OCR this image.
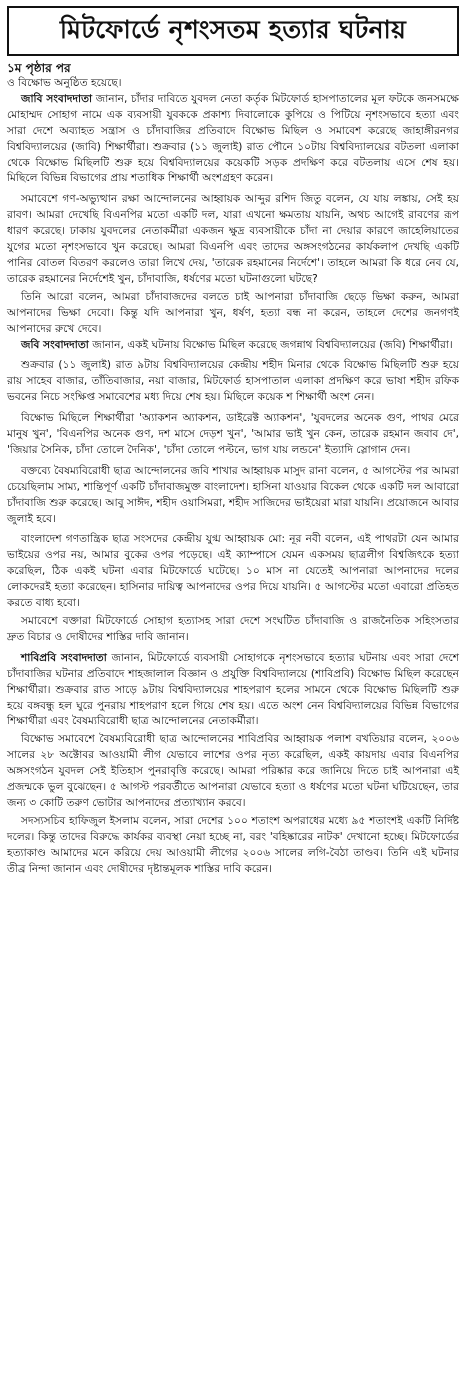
মিটফোর্ডে নৃশংসতম হত্যার ঘটনায়
১ম পৃষ্ঠার পর

ও বিক্ষোভ অনুষ্ঠিত হয়েছে।

জাবি সংবাদদাতা জানান, চাঁদার দাবিতে যুবদল নেতা কর্তৃক মিটফোর্ড হাসপাতালের মূল ফটকে জনসমক্ষে মোহাম্মদ সোহাগ নামে এক ব্যবসায়ী যুবককে প্রকাশ্য দিবালোকে কুপিয়ে ও পিটিয়ে নৃশংসভাবে হত্যা এবং সারা দেশে অব্যাহত সন্ত্রাস ও চাঁদাবাজির প্রতিবাদে বিক্ষোভ মিছিল ও সমাবেশ করেছে জাহাঙ্গীরনগর বিশ্ববিদ্যালয়ের (জাবি) শিক্ষার্থীরা। শুক্রবার (১১ জুলাই) রাত পৌনে ১০টায় বিশ্ববিদ্যালয়ের বটতলা এলাকা থেকে বিক্ষোভ মিছিলটি শুরু হয়ে বিশ্ববিদ্যালয়ের কয়েকটি সড়ক প্রদক্ষিণ করে বটতলায় এসে শেষ হয়। মিছিলে বিভিন্ন বিভাগের প্রায় শতাধিক শিক্ষার্থী অংশগ্রহণ করেন।

সমাবেশে গণ-অভ্যুত্থান রক্ষা আন্দোলনের আহ্বায়ক আব্দুর রশিদ জিতু বলেন, যে যায় লঙ্কায়, সেই হয় রাবণ। আমরা দেখেছি বিএনপির মতো একটি দল, যারা এখনো ক্ষমতায় যায়নি, অথচ আগেই রাবণের রূপ ধারণ করেছে। ঢাকায় যুবদলের নেতাকর্মীরা একজন ক্ষুদ্র ব্যবসায়ীকে চাঁদা না দেয়ার কারণে জাহেলিয়াতের যুগের মতো নৃশংসভাবে খুন করেছে। আমরা বিএনপি এবং তাদের অঙ্গসংগঠনের কার্যকলাপ দেখছি একটি পানির বোতল বিতরণ করলেও তারা লিখে দেয়, 'তারেক রহমানের নির্দেশে'। তাহলে আমরা কি ধরে নেব যে, তারেক রহমানের নির্দেশেই খুন, চাঁদাবাজি, ধর্ষণের মতো ঘটনাগুলো ঘটছে?

তিনি আরো বলেন, আমরা চাঁদাবাজদের বলতে চাই আপনারা চাঁদাবাজি ছেড়ে ভিক্ষা করুন, আমরা আপনাদের ভিক্ষা দেবো। কিন্তু যদি আপনারা খুন, ধর্ষণ, হত্যা বন্ধ না করেন, তাহলে দেশের জনগণই আপনাদের রুখে দেবে।

জবি সংবাদদাতা জানান, একই ঘটনায় বিক্ষোভ মিছিল করেছে জগন্নাথ বিশ্ববিদ্যালয়ের (জবি) শিক্ষার্থীরা।

শুক্রবার (১১ জুলাই) রাত ৯টায় বিশ্ববিদ্যালয়ের কেন্দ্রীয় শহীদ মিনার থেকে বিক্ষোভ মিছিলটি শুরু হয়ে রায় সাহেব বাজার, তাঁতিবাজার, নয়া বাজার, মিটফোর্ড হাসপাতাল এলাকা প্রদক্ষিণ করে ভাষা শহীদ রফিক ভবনের নিচে সংক্ষিপ্ত সমাবেশের মধ্য দিয়ে শেষ হয়। মিছিলে কয়েক শ শিক্ষার্থী অংশ নেন।

বিক্ষোভ মিছিলে শিক্ষার্থীরা 'অ্যাকশন অ্যাকশন, ডাইরেক্ট অ্যাকশন', 'যুবদলের অনেক গুণ, পাথর মেরে মানুষ খুন', 'বিএনপির অনেক গুণ, দশ মাসে দেড়শ খুন', 'আমার ভাই খুন কেন, তারেক রহমান জবাব দে', 'জিয়ার সৈনিক, চাঁদা তোলে দৈনিক', 'চাঁদা তোলে পল্টনে, ভাগ যায় লন্ডনে' ইত্যাদি স্লোগান দেন।

বক্তব্যে বৈষম্যবিরোধী ছাত্র আন্দোলনের জবি শাখার আহ্বায়ক মাসুদ রানা বলেন, ৫ আগস্টের পর আমরা চেয়েছিলাম সাম্য, শান্তিপূর্ণ একটি চাঁদাবাজমুক্ত বাংলাদেশ। হাসিনা যাওয়ার বিকেল থেকে একটি দল আবারো চাঁদাবাজি শুরু করেছে। আবু সাঈদ, শহীদ ওয়াসিমরা, শহীদ সাজিদের ভাইয়েরা মারা যায়নি। প্রয়োজনে আবার জুলাই হবে।

বাংলাদেশ গণতান্ত্রিক ছাত্র সংসদের কেন্দ্রীয় যুগ্ম আহ্বায়ক মো: নূর নবী বলেন, এই পাথরটা যেন আমার ভাইয়ের ওপর নয়, আমার বুকের ওপর পড়েছে। এই ক্যাম্পাসে যেমন একসময় ছাত্রলীগ বিশ্বজিৎকে হত্যা করেছিল, ঠিক একই ঘটনা এবার মিটফোর্ডে ঘটেছে। ১০ মাস না যেতেই আপনারা আপনাদের দলের লোকদেরই হত্যা করেছেন। হাসিনার দায়িত্ব আপনাদের ওপর দিয়ে যায়নি। ৫ আগস্টের মতো এবারো প্রতিহত করতে বাধ্য হবো।

সমাবেশে বক্তারা মিটফোর্ডে সোহাগ হত্যাসহ সারা দেশে সংঘটিত চাঁদাবাজি ও রাজনৈতিক সহিংসতার দ্রুত বিচার ও দোষীদের শাস্তির দাবি জানান।

শাবিপ্রবি সংবাদদাতা জানান, মিটফোর্ডে ব্যবসায়ী সোহাগকে নৃশংসভাবে হত্যার ঘটনায় এবং সারা দেশে চাঁদাবাজির ঘটনার প্রতিবাদে শাহজালাল বিজ্ঞান ও প্রযুক্তি বিশ্ববিদ্যালয়ে (শাবিপ্রবি) বিক্ষোভ মিছিল করেছেন শিক্ষার্থীরা। শুক্রবার রাত সাড়ে ৯টায় বিশ্ববিদ্যালয়ের শাহপরাণ হলের সামনে থেকে বিক্ষোভ মিছিলটি শুরু হয়ে বঙ্গবন্ধু হল ঘুরে পুনরায় শাহপরাণ হলে গিয়ে শেষ হয়। এতে অংশ নেন বিশ্ববিদ্যালয়ের বিভিন্ন বিভাগের শিক্ষার্থীরা এবং বৈষম্যবিরোধী ছাত্র আন্দোলনের নেতাকর্মীরা।

বিক্ষোভ সমাবেশে বৈষম্যবিরোধী ছাত্র আন্দোলনের শাবিপ্রবির আহ্বায়ক পলাশ বখতিয়ার বলেন, ২০০৬ সালের ২৮ অক্টোবর আওয়ামী লীগ যেভাবে লাশের ওপর নৃত্য করেছিল, একই কায়দায় এবার বিএনপির অঙ্গসংগঠন যুবদল সেই ইতিহাস পুনরাবৃত্তি করেছে। আমরা পরিষ্কার করে জানিয়ে দিতে চাই আপনারা এই প্রজন্মকে ভুল বুঝেছেন। ৫ আগস্ট পরবর্তীতে আপনারা যেভাবে হত্যা ও ধর্ষণের মতো ঘটনা ঘটিয়েছেন, তার জন্য ৩ কোটি তরুণ ভোটার আপনাদের প্রত্যাখ্যান করবে।

সদস্যসচিব হাফিজুল ইসলাম বলেন, সারা দেশের ১০০ শতাংশ অপরাধের মধ্যে ৯৫ শতাংশই একটি নির্দিষ্ট দলের। কিন্তু তাদের বিরুদ্ধে কার্যকর ব্যবস্থা নেয়া হচ্ছে না, বরং 'বহিষ্কারের নাটক' দেখানো হচ্ছে। মিটফোর্ডের হত্যাকাণ্ড আমাদের মনে করিয়ে দেয় আওয়ামী লীগের ২০০৬ সালের লগি-বৈঠা তাণ্ডব। তিনি এই ঘটনার তীব্র নিন্দা জানান এবং দোষীদের দৃষ্টান্তমূলক শাস্তির দাবি করেন।
